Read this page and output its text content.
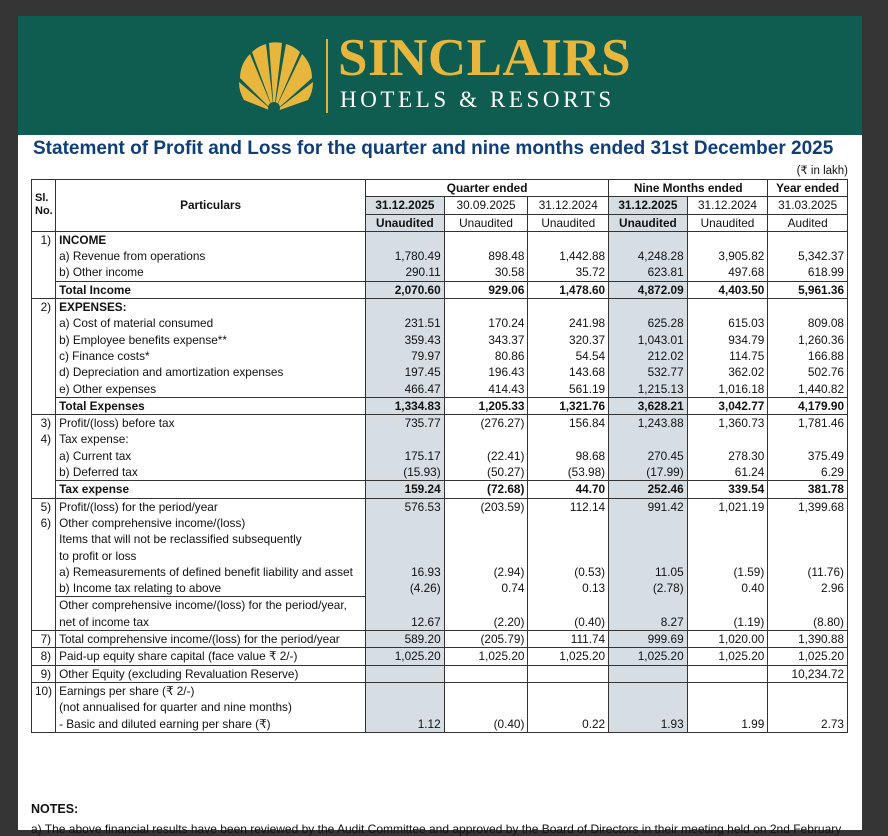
SINCLAIRS
HOTELS & RESORTS
Statement of Profit and Loss for the quarter and nine months ended 31st December 2025
(₹ in lakh)
Sl. No.	Particulars	Quarter ended			Nine Months ended		Year ended
		31.12.2025	30.09.2025	31.12.2024	31.12.2025	31.12.2024	31.03.2025
		Unaudited	Unaudited	Unaudited	Unaudited	Unaudited	Audited
1)	INCOME						
	a) Revenue from operations	1,780.49	898.48	1,442.88	4,248.28	3,905.82	5,342.37
	b) Other income	290.11	30.58	35.72	623.81	497.68	618.99
	Total Income	2,070.60	929.06	1,478.60	4,872.09	4,403.50	5,961.36
2)	EXPENSES:						
	a) Cost of material consumed	231.51	170.24	241.98	625.28	615.03	809.08
	b) Employee benefits expense**	359.43	343.37	320.37	1,043.01	934.79	1,260.36
	c) Finance costs*	79.97	80.86	54.54	212.02	114.75	166.88
	d) Depreciation and amortization expenses	197.45	196.43	143.68	532.77	362.02	502.76
	e) Other expenses	466.47	414.43	561.19	1,215.13	1,016.18	1,440.82
	Total Expenses	1,334.83	1,205.33	1,321.76	3,628.21	3,042.77	4,179.90
3)	Profit/(loss) before tax	735.77	(276.27)	156.84	1,243.88	1,360.73	1,781.46
4)	Tax expense:						
	a) Current tax	175.17	(22.41)	98.68	270.45	278.30	375.49
	b) Deferred tax	(15.93)	(50.27)	(53.98)	(17.99)	61.24	6.29
	Tax expense	159.24	(72.68)	44.70	252.46	339.54	381.78
5)	Profit/(loss) for the period/year	576.53	(203.59)	112.14	991.42	1,021.19	1,399.68
6)	Other comprehensive income/(loss)						
	Items that will not be reclassified subsequently						
	to profit or loss						
	a) Remeasurements of defined benefit liability and asset	16.93	(2.94)	(0.53)	11.05	(1.59)	(11.76)
	b) Income tax relating to above	(4.26)	0.74	0.13	(2.78)	0.40	2.96
	Other comprehensive income/(loss) for the period/year,						
	net of income tax	12.67	(2.20)	(0.40)	8.27	(1.19)	(8.80)
7)	Total comprehensive income/(loss) for the period/year	589.20	(205.79)	111.74	999.69	1,020.00	1,390.88
8)	Paid-up equity share capital (face value ₹ 2/-)	1,025.20	1,025.20	1,025.20	1,025.20	1,025.20	1,025.20
9)	Other Equity (excluding Revaluation Reserve)						10,234.72
10)	Earnings per share (₹ 2/-)						
	(not annualised for quarter and nine months)						
	- Basic and diluted earning per share (₹)	1.12	(0.40)	0.22	1.93	1.99	2.73
NOTES:
a) The above financial results have been reviewed by the Audit Committee and approved by the Board of Directors in their meeting held on 2nd February
